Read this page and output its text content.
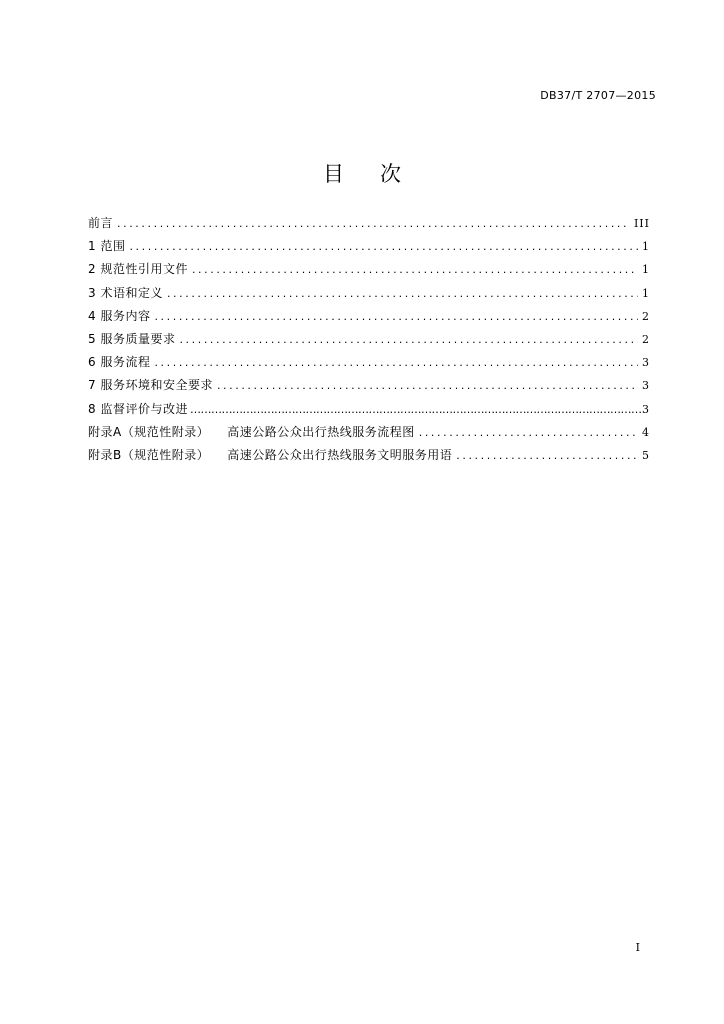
DB37/T 2707—2015
目 次
前言 .....	III
1 范围 .....	1
2 规范性引用文件 .....	1
3 术语和定义 .....	1
4 服务内容 .....	2
5 服务质量要求 .....	2
6 服务流程 .....	3
7 服务环境和安全要求 .....	3
8 监督评价与改进 ……………………………………………………………………………………………………………………………………………………………………	3
附录A（规范性附录） 高速公路公众出行热线服务流程图 .....	4
附录B（规范性附录） 高速公路公众出行热线服务文明服务用语 .....	5
I
